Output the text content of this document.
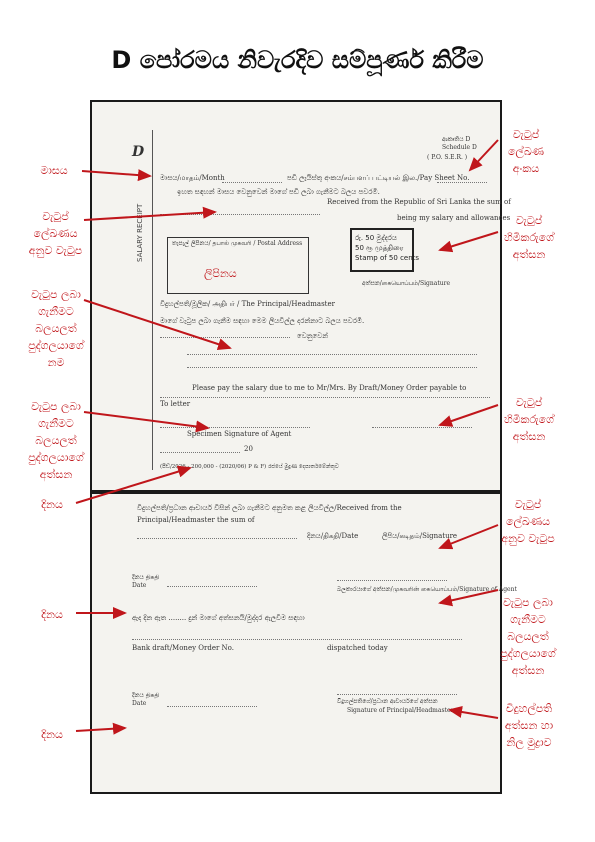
D පෝරමය නිවැරදිව සම්පූර්ණ කිරීම
D
ආකෘතිය D
Schedule D
( P.O. S.E.R. )
SALARY RECEIPT
මාසය/மாதம்/Month	පඩි ලැයිස්තු අංකය/சம்பளப் பட்டியல் இல./Pay Sheet No.
ඉහත සඳහන් මාසය වෙනුවෙන් මාගේ පඩි ලබා ගැනීමට බලය පවරමි.
Received from the Republic of Sri Lanka the sum of
being my salary and allowances
තැපැල් ලිපිනය/ தபால் முகவரி / Postal Address
ලිපිනය
රු. 50 මුද්දරය
50 ரூ முத்திரை
Stamp of 50 cents
අත්සන/கையொப்பம்/Signature
විදුහල්පති/මූලික/ அதிபர் / The Principal/Headmaster
මාගේ වැටුප ලබා ගැනීම සඳහා මෙම ලියවිල්ල දරන්නාට බලය පවරමි.
වෙනුවෙන්
Please pay the salary due to me to Mr/Mrs. By Draft/Money Order payable to
To letter
Specimen Signature of Agent
20
(පීඩ්/2026 - 200,000 - (2020/06) P & F) රජයේ මුද්‍රණ දෙපාර්තමේන්තුව
විදුහල්පති/ප්‍රධාන ආචාර්ය විසින් ලබා ගැනීමට අනුමත කළ ලියවිල්ල/Received from the
Principal/Headmaster the sum of
දිනය/திகதி/Date	ලිපිය/கடிதம்/Signature
දිනය திகதி Date
බලකාරයාගේ අත්සන/முகவரின் கையொப்பம்/Signature of Agent
ඇද දින ඇත ........ දුන් මාගේ අත්සනයි/මුද්දර ඇලවීම සඳහා
Bank draft/Money Order No.	dispatched today
දිනය திகதி Date	විදුහල්පතිගේ/ප්‍රධාන ආචාර්යගේ අත්සන
Signature of Principal/Headmaster
මාසය
වැටුප් ලේඛණ අංකය
වැටුප් ලේඛණය අනුව වැටුප
වැටුප් හිමිකරුගේ අත්සන
වැටුප ලබා ගැනීමට බලයලත් පුද්ගලයාගේ නම
වැටුප ලබා ගැනීමට බලයලත් පුද්ගලයාගේ අත්සන
වැටුප් හිමිකරුගේ අත්සන
දිනය	වැටුප් ලේඛණය අනුව වැටුප
දිනය
වැටුප ලබා ගැනීමට බලයලත් පුද්ගලයාගේ අත්සන
දිනය
විදුහල්පති අත්සන හා නිල මුද්‍රාව
